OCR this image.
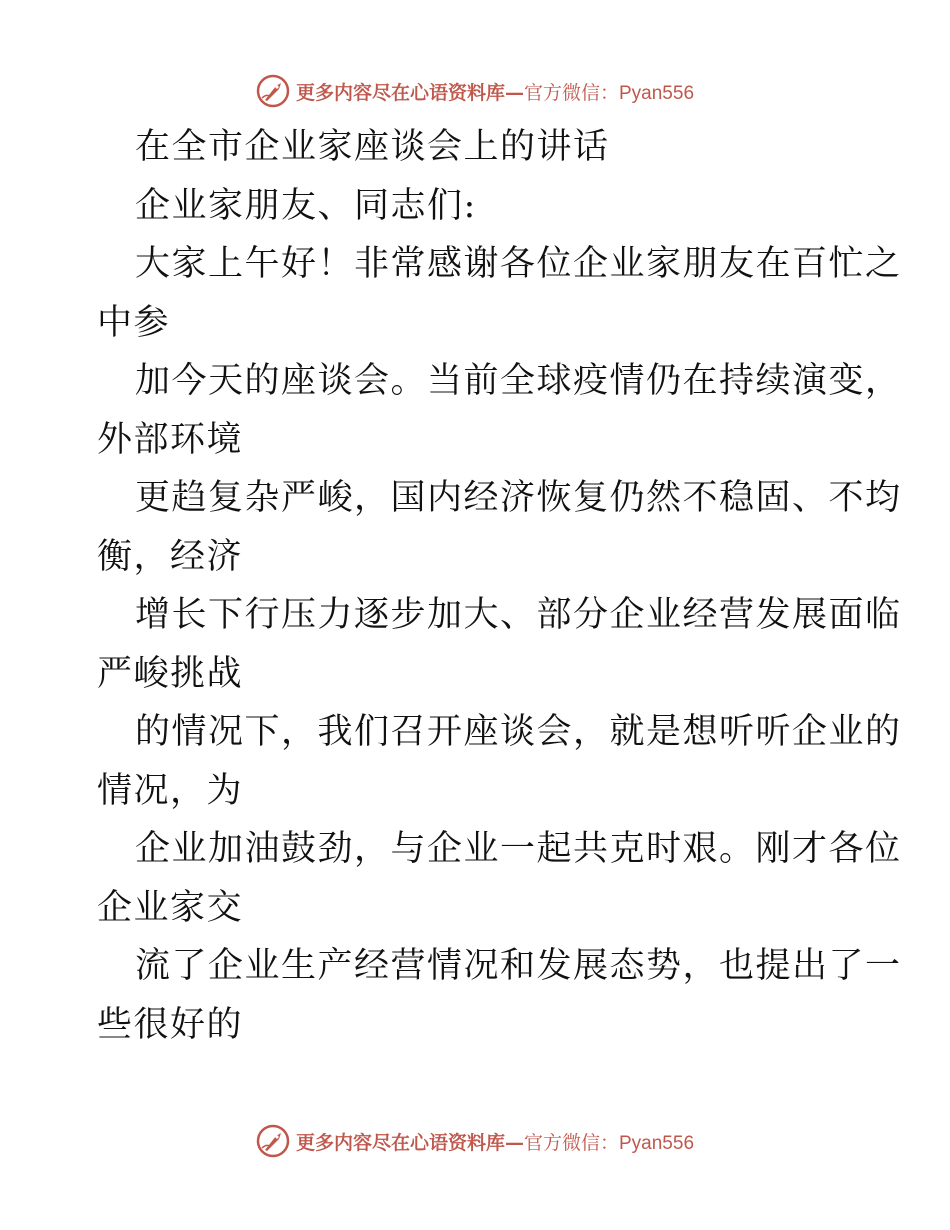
更多内容尽在心语资料库 — 官方微信： Pyan556
在全市企业家座谈会上的讲话
企业家朋友、同志们:
大家上午好！非常感谢各位企业家朋友在百忙之
中参
加今天的座谈会。当前全球疫情仍在持续演变，
外部环境
更趋复杂严峻，国内经济恢复仍然不稳固、不均
衡，经济
增长下行压力逐步加大、部分企业经营发展面临
严峻挑战
的情况下，我们召开座谈会，就是想听听企业的
情况，为
企业加油鼓劲，与企业一起共克时艰。刚才各位
企业家交
流了企业生产经营情况和发展态势，也提出了一
些很好的
更多内容尽在心语资料库 — 官方微信： Pyan556
